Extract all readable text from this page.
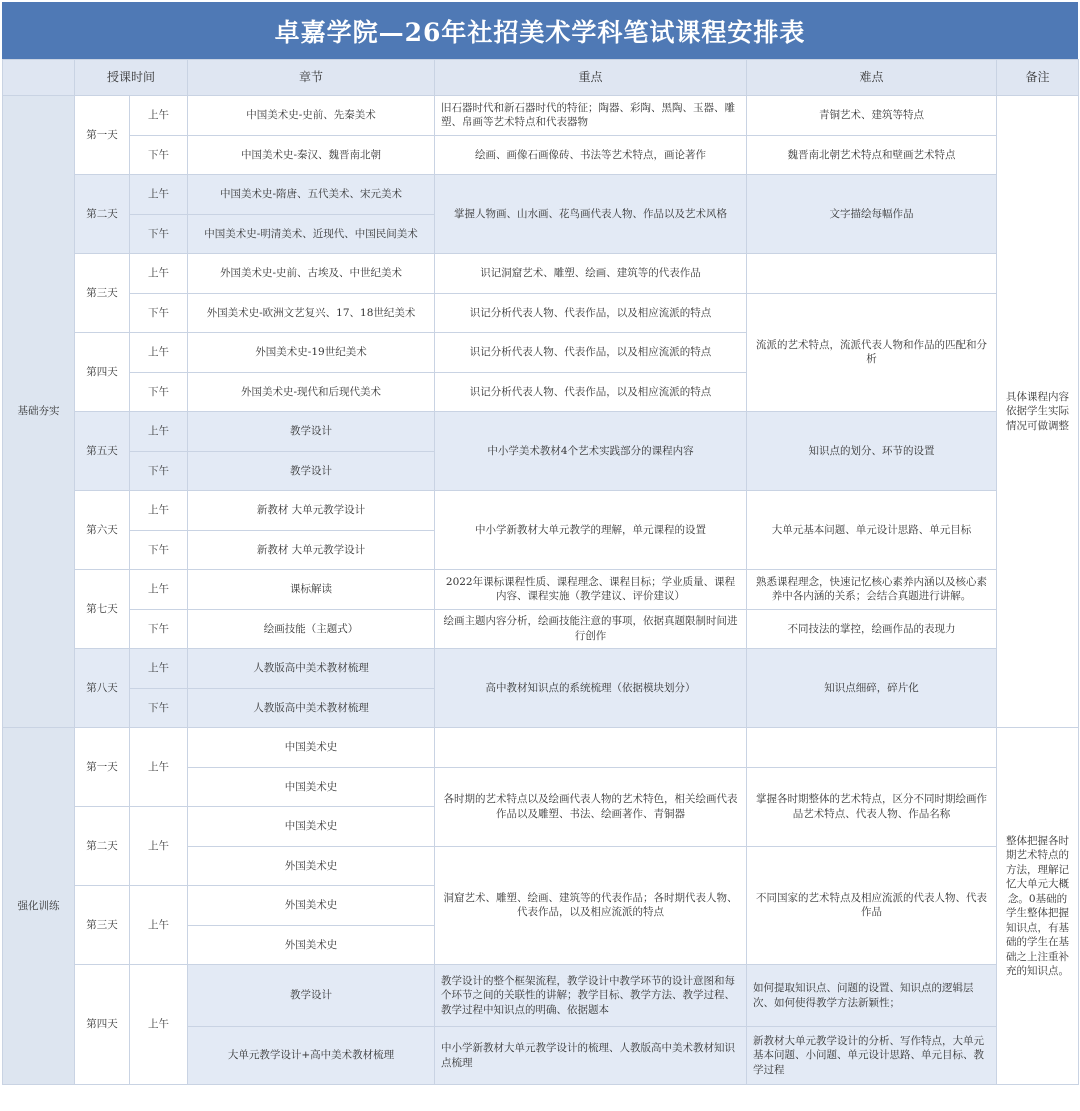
卓嘉学院—26年社招美术学科笔试课程安排表
	授课时间		章节	重点	难点	备注
基础夯实	第一天	上午	中国美术史-史前、先秦美术	旧石器时代和新石器时代的特征；陶器、彩陶、黑陶、玉器、雕塑、帛画等艺术特点和代表器物	青铜艺术、建筑等特点	具体课程内容依据学生实际情况可做调整
		下午	中国美术史-秦汉、魏晋南北朝	绘画、画像石画像砖、书法等艺术特点，画论著作	魏晋南北朝艺术特点和壁画艺术特点	
	第二天	上午	中国美术史-隋唐、五代美术、宋元美术	掌握人物画、山水画、花鸟画代表人物、作品以及艺术风格	文字描绘每幅作品	
		下午	中国美术史-明清美术、近现代、中国民间美术			
	第三天	上午	外国美术史-史前、古埃及、中世纪美术	识记洞窟艺术、雕塑、绘画、建筑等的代表作品		
		下午	外国美术史-欧洲文艺复兴、17、18世纪美术	识记分析代表人物、代表作品，以及相应流派的特点	流派的艺术特点，流派代表人物和作品的匹配和分析	
	第四天	上午	外国美术史-19世纪美术	识记分析代表人物、代表作品，以及相应流派的特点		
		下午	外国美术史-现代和后现代美术	识记分析代表人物、代表作品，以及相应流派的特点		
	第五天	上午	教学设计	中小学美术教材4个艺术实践部分的课程内容	知识点的划分、环节的设置	
		下午	教学设计			
	第六天	上午	新教材 大单元教学设计	中小学新教材大单元教学的理解，单元课程的设置	大单元基本问题、单元设计思路、单元目标	
		下午	新教材 大单元教学设计			
	第七天	上午	课标解读	2022年课标课程性质、课程理念、课程目标；学业质量、课程内容、课程实施（教学建议、评价建议）	熟悉课程理念，快速记忆核心素养内涵以及核心素养中各内涵的关系；会结合真题进行讲解。	
		下午	绘画技能（主题式）	绘画主题内容分析，绘画技能注意的事项，依据真题限制时间进行创作	不同技法的掌控，绘画作品的表现力	
	第八天	上午	人教版高中美术教材梳理	高中教材知识点的系统梳理（依据模块划分）	知识点细碎，碎片化	
		下午	人教版高中美术教材梳理			
强化训练	第一天	上午	中国美术史			整体把握各时期艺术特点的方法，理解记忆大单元大概念。0基础的学生整体把握知识点，有基础的学生在基础之上注重补充的知识点。
			中国美术史	各时期的艺术特点以及绘画代表人物的艺术特色，相关绘画代表作品以及雕塑、书法、绘画著作、青铜器	掌握各时期整体的艺术特点，区分不同时期绘画作品艺术特点、代表人物、作品名称	
	第二天	上午	中国美术史			
			外国美术史	洞窟艺术、雕塑、绘画、建筑等的代表作品；各时期代表人物、代表作品，以及相应流派的特点	不同国家的艺术特点及相应流派的代表人物、代表作品	
	第三天	上午	外国美术史			
			外国美术史			
	第四天	上午	教学设计	教学设计的整个框架流程，教学设计中教学环节的设计意图和每个环节之间的关联性的讲解；教学目标、教学方法、教学过程、教学过程中知识点的明确、依据题本	如何提取知识点、问题的设置、知识点的逻辑层次、如何使得教学方法新颖性；	
			大单元教学设计+高中美术教材梳理	中小学新教材大单元教学设计的梳理、人教版高中美术教材知识点梳理	新教材大单元教学设计的分析、写作特点，大单元基本问题、小问题、单元设计思路、单元目标、教学过程	
